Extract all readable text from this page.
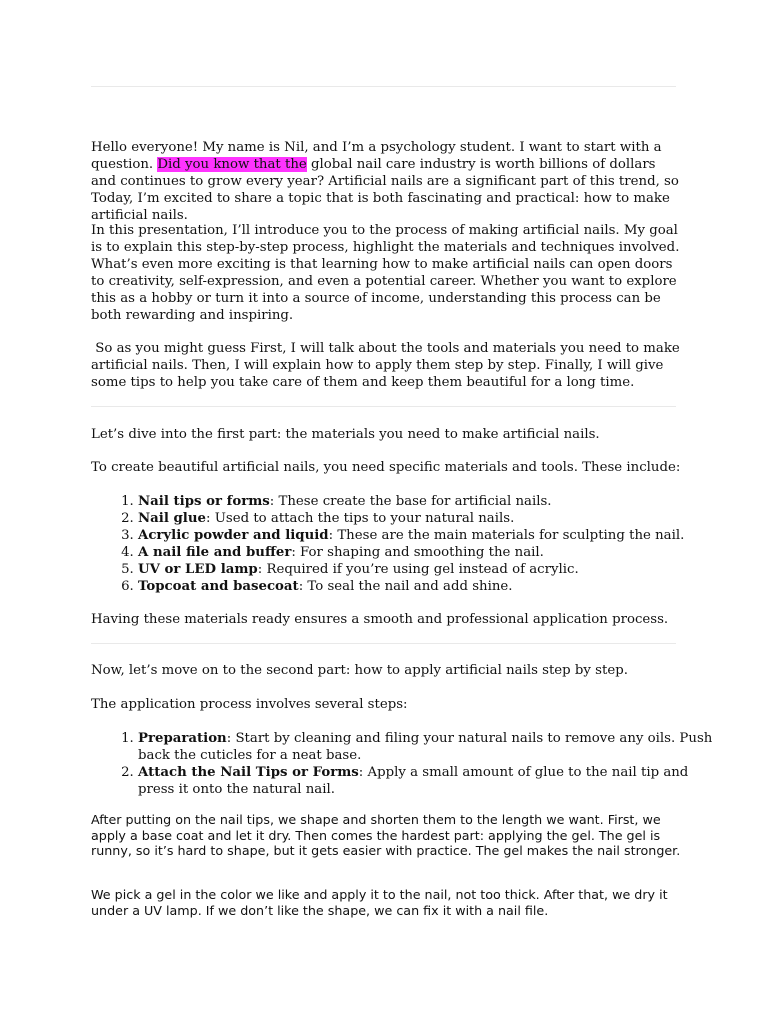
Hello everyone! My name is Nil, and I’m a psychology student. I want to start with a question. Did you know that the global nail care industry is worth billions of dollars and continues to grow every year? Artificial nails are a significant part of this trend, so Today, I’m excited to share a topic that is both fascinating and practical: how to make artificial nails.

In this presentation, I’ll introduce you to the process of making artificial nails. My goal is to explain this step-by-step process, highlight the materials and techniques involved. What’s even more exciting is that learning how to make artificial nails can open doors to creativity, self-expression, and even a potential career. Whether you want to explore this as a hobby or turn it into a source of income, understanding this process can be both rewarding and inspiring.

So as you might guess First, I will talk about the tools and materials you need to make artificial nails. Then, I will explain how to apply them step by step. Finally, I will give some tips to help you take care of them and keep them beautiful for a long time.

Let’s dive into the first part: the materials you need to make artificial nails.

To create beautiful artificial nails, you need specific materials and tools. These include:

1. Nail tips or forms: These create the base for artificial nails.
2. Nail glue: Used to attach the tips to your natural nails.
3. Acrylic powder and liquid: These are the main materials for sculpting the nail.
4. A nail file and buffer: For shaping and smoothing the nail.
5. UV or LED lamp: Required if you’re using gel instead of acrylic.
6. Topcoat and basecoat: To seal the nail and add shine.

Having these materials ready ensures a smooth and professional application process.

Now, let’s move on to the second part: how to apply artificial nails step by step.

The application process involves several steps:

1. Preparation: Start by cleaning and filing your natural nails to remove any oils. Push back the cuticles for a neat base.
2. Attach the Nail Tips or Forms: Apply a small amount of glue to the nail tip and press it onto the natural nail.

After putting on the nail tips, we shape and shorten them to the length we want. First, we apply a base coat and let it dry. Then comes the hardest part: applying the gel. The gel is runny, so it’s hard to shape, but it gets easier with practice. The gel makes the nail stronger.

We pick a gel in the color we like and apply it to the nail, not too thick. After that, we dry it under a UV lamp. If we don’t like the shape, we can fix it with a nail file.
